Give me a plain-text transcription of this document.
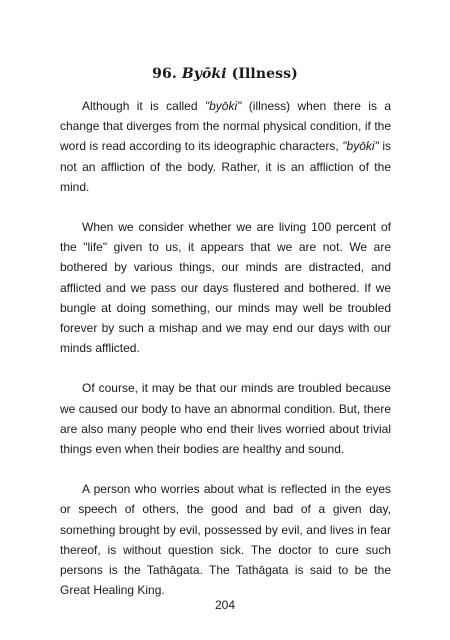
96. Byōki (Illness)

Although it is called "byōki" (illness) when there is a change that diverges from the normal physical condition, if the word is read according to its ideographic characters, "byōki" is not an affliction of the body. Rather, it is an affliction of the mind.

When we consider whether we are living 100 percent of the "life" given to us, it appears that we are not. We are bothered by various things, our minds are distracted, and afflicted and we pass our days flustered and bothered. If we bungle at doing something, our minds may well be troubled forever by such a mishap and we may end our days with our minds afflicted.

Of course, it may be that our minds are troubled because we caused our body to have an abnormal condition. But, there are also many people who end their lives worried about trivial things even when their bodies are healthy and sound.

A person who worries about what is reflected in the eyes or speech of others, the good and bad of a given day, something brought by evil, possessed by evil, and lives in fear thereof, is without question sick. The doctor to cure such persons is the Tathāgata. The Tathāgata is said to be the Great Healing King.

204
